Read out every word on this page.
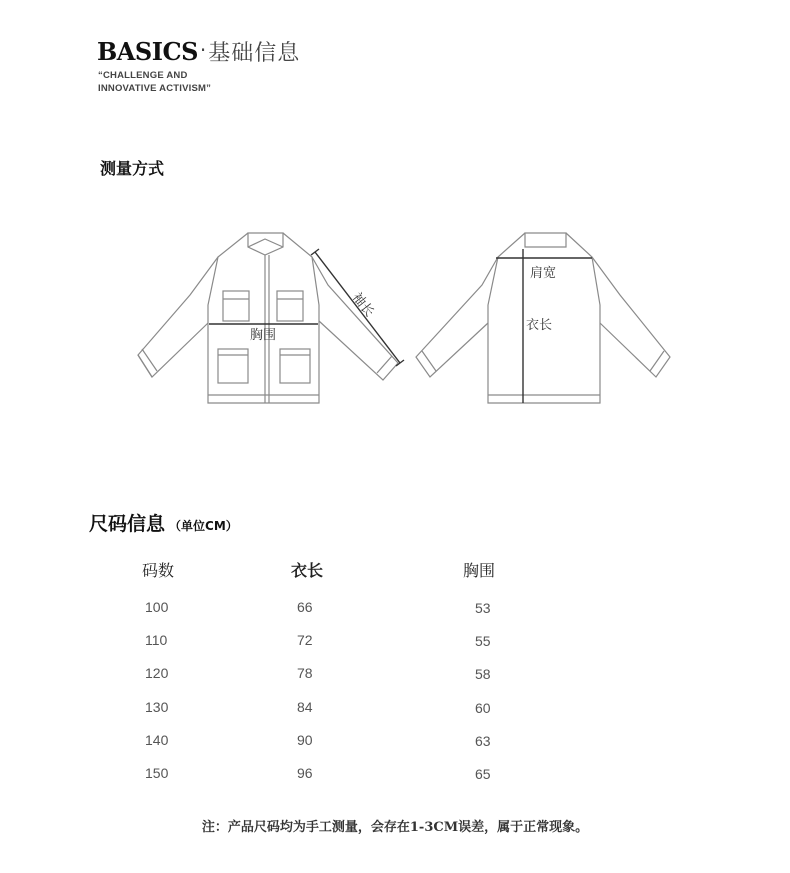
BASICS ·基础信息
“CHALLENGE AND
INNOVATIVE ACTIVISM”
测量方式
胸围
袖长
肩宽
衣长
尺码信息 （单位CM）
码数	衣长	胸围
100	66	53
110	72	55
120	78	58
130	84	60
140	90	63
150	96	65
注：产品尺码均为手工测量，会存在1-3CM误差，属于正常现象。
